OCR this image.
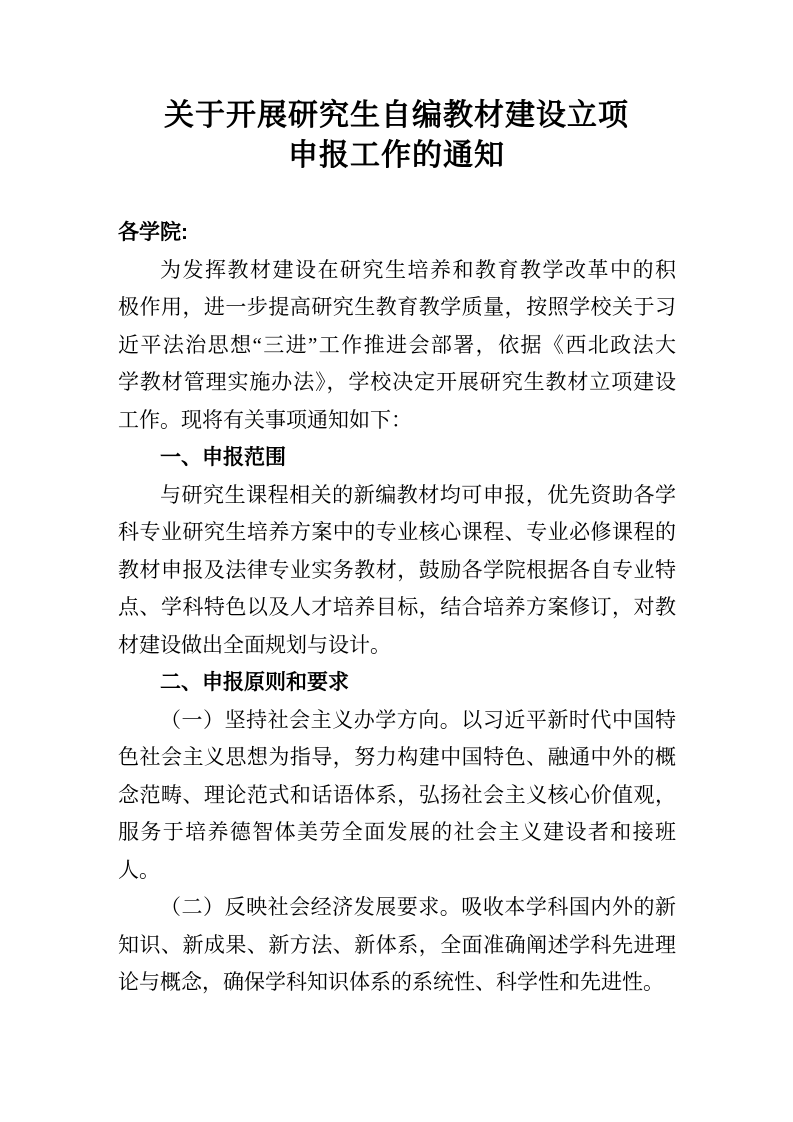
关于开展研究生自编教材建设立项
申报工作的通知
各学院:
为发挥教材建设在研究生培养和教育教学改革中的积
极作用，进一步提高研究生教育教学质量，按照学校关于习
近平法治思想“三进”工作推进会部署，依据《西北政法大
学教材管理实施办法》，学校决定开展研究生教材立项建设
工作。现将有关事项通知如下：
一、申报范围
与研究生课程相关的新编教材均可申报，优先资助各学
科专业研究生培养方案中的专业核心课程、专业必修课程的
教材申报及法律专业实务教材，鼓励各学院根据各自专业特
点、学科特色以及人才培养目标，结合培养方案修订，对教
材建设做出全面规划与设计。
二、申报原则和要求
（一）坚持社会主义办学方向。以习近平新时代中国特
色社会主义思想为指导，努力构建中国特色、融通中外的概
念范畴、理论范式和话语体系，弘扬社会主义核心价值观，
服务于培养德智体美劳全面发展的社会主义建设者和接班
人。
（二）反映社会经济发展要求。吸收本学科国内外的新
知识、新成果、新方法、新体系，全面准确阐述学科先进理
论与概念，确保学科知识体系的系统性、科学性和先进性。
